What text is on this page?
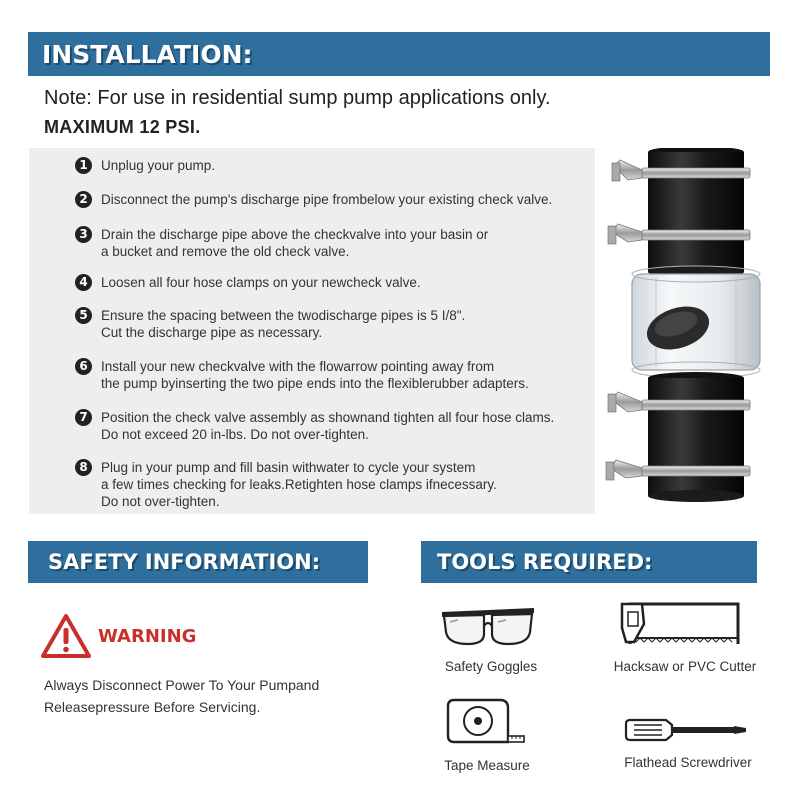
INSTALLATION:
Note: For use in residential sump pump applications only.
MAXIMUM 12 PSI.
1 Unplug your pump.
2 Disconnect the pump's discharge pipe frombelow your existing check valve.
3 Drain the discharge pipe above the checkvalve into your basin or
a bucket and remove the old check valve.
4 Loosen all four hose clamps on your newcheck valve.
5 Ensure the spacing between the twodischarge pipes is 5 I/8".
Cut the discharge pipe as necessary.
6 Install your new checkvalve with the flowarrow pointing away from
the pump byinserting the two pipe ends into the flexiblerubber adapters.
7 Position the check valve assembly as shownand tighten all four hose clams.
Do not exceed 20 in-lbs. Do not over-tighten.
8 Plug in your pump and fill basin withwater to cycle your system
a few times checking for leaks.Retighten hose clamps ifnecessary.
Do not over-tighten.
SAFETY INFORMATION:
WARNING
Always Disconnect Power To Your Pumpand
Releasepressure Before Servicing.
TOOLS REQUIRED:
Safety Goggles	Hacksaw or PVC Cutter
Tape Measure	Flathead Screwdriver
